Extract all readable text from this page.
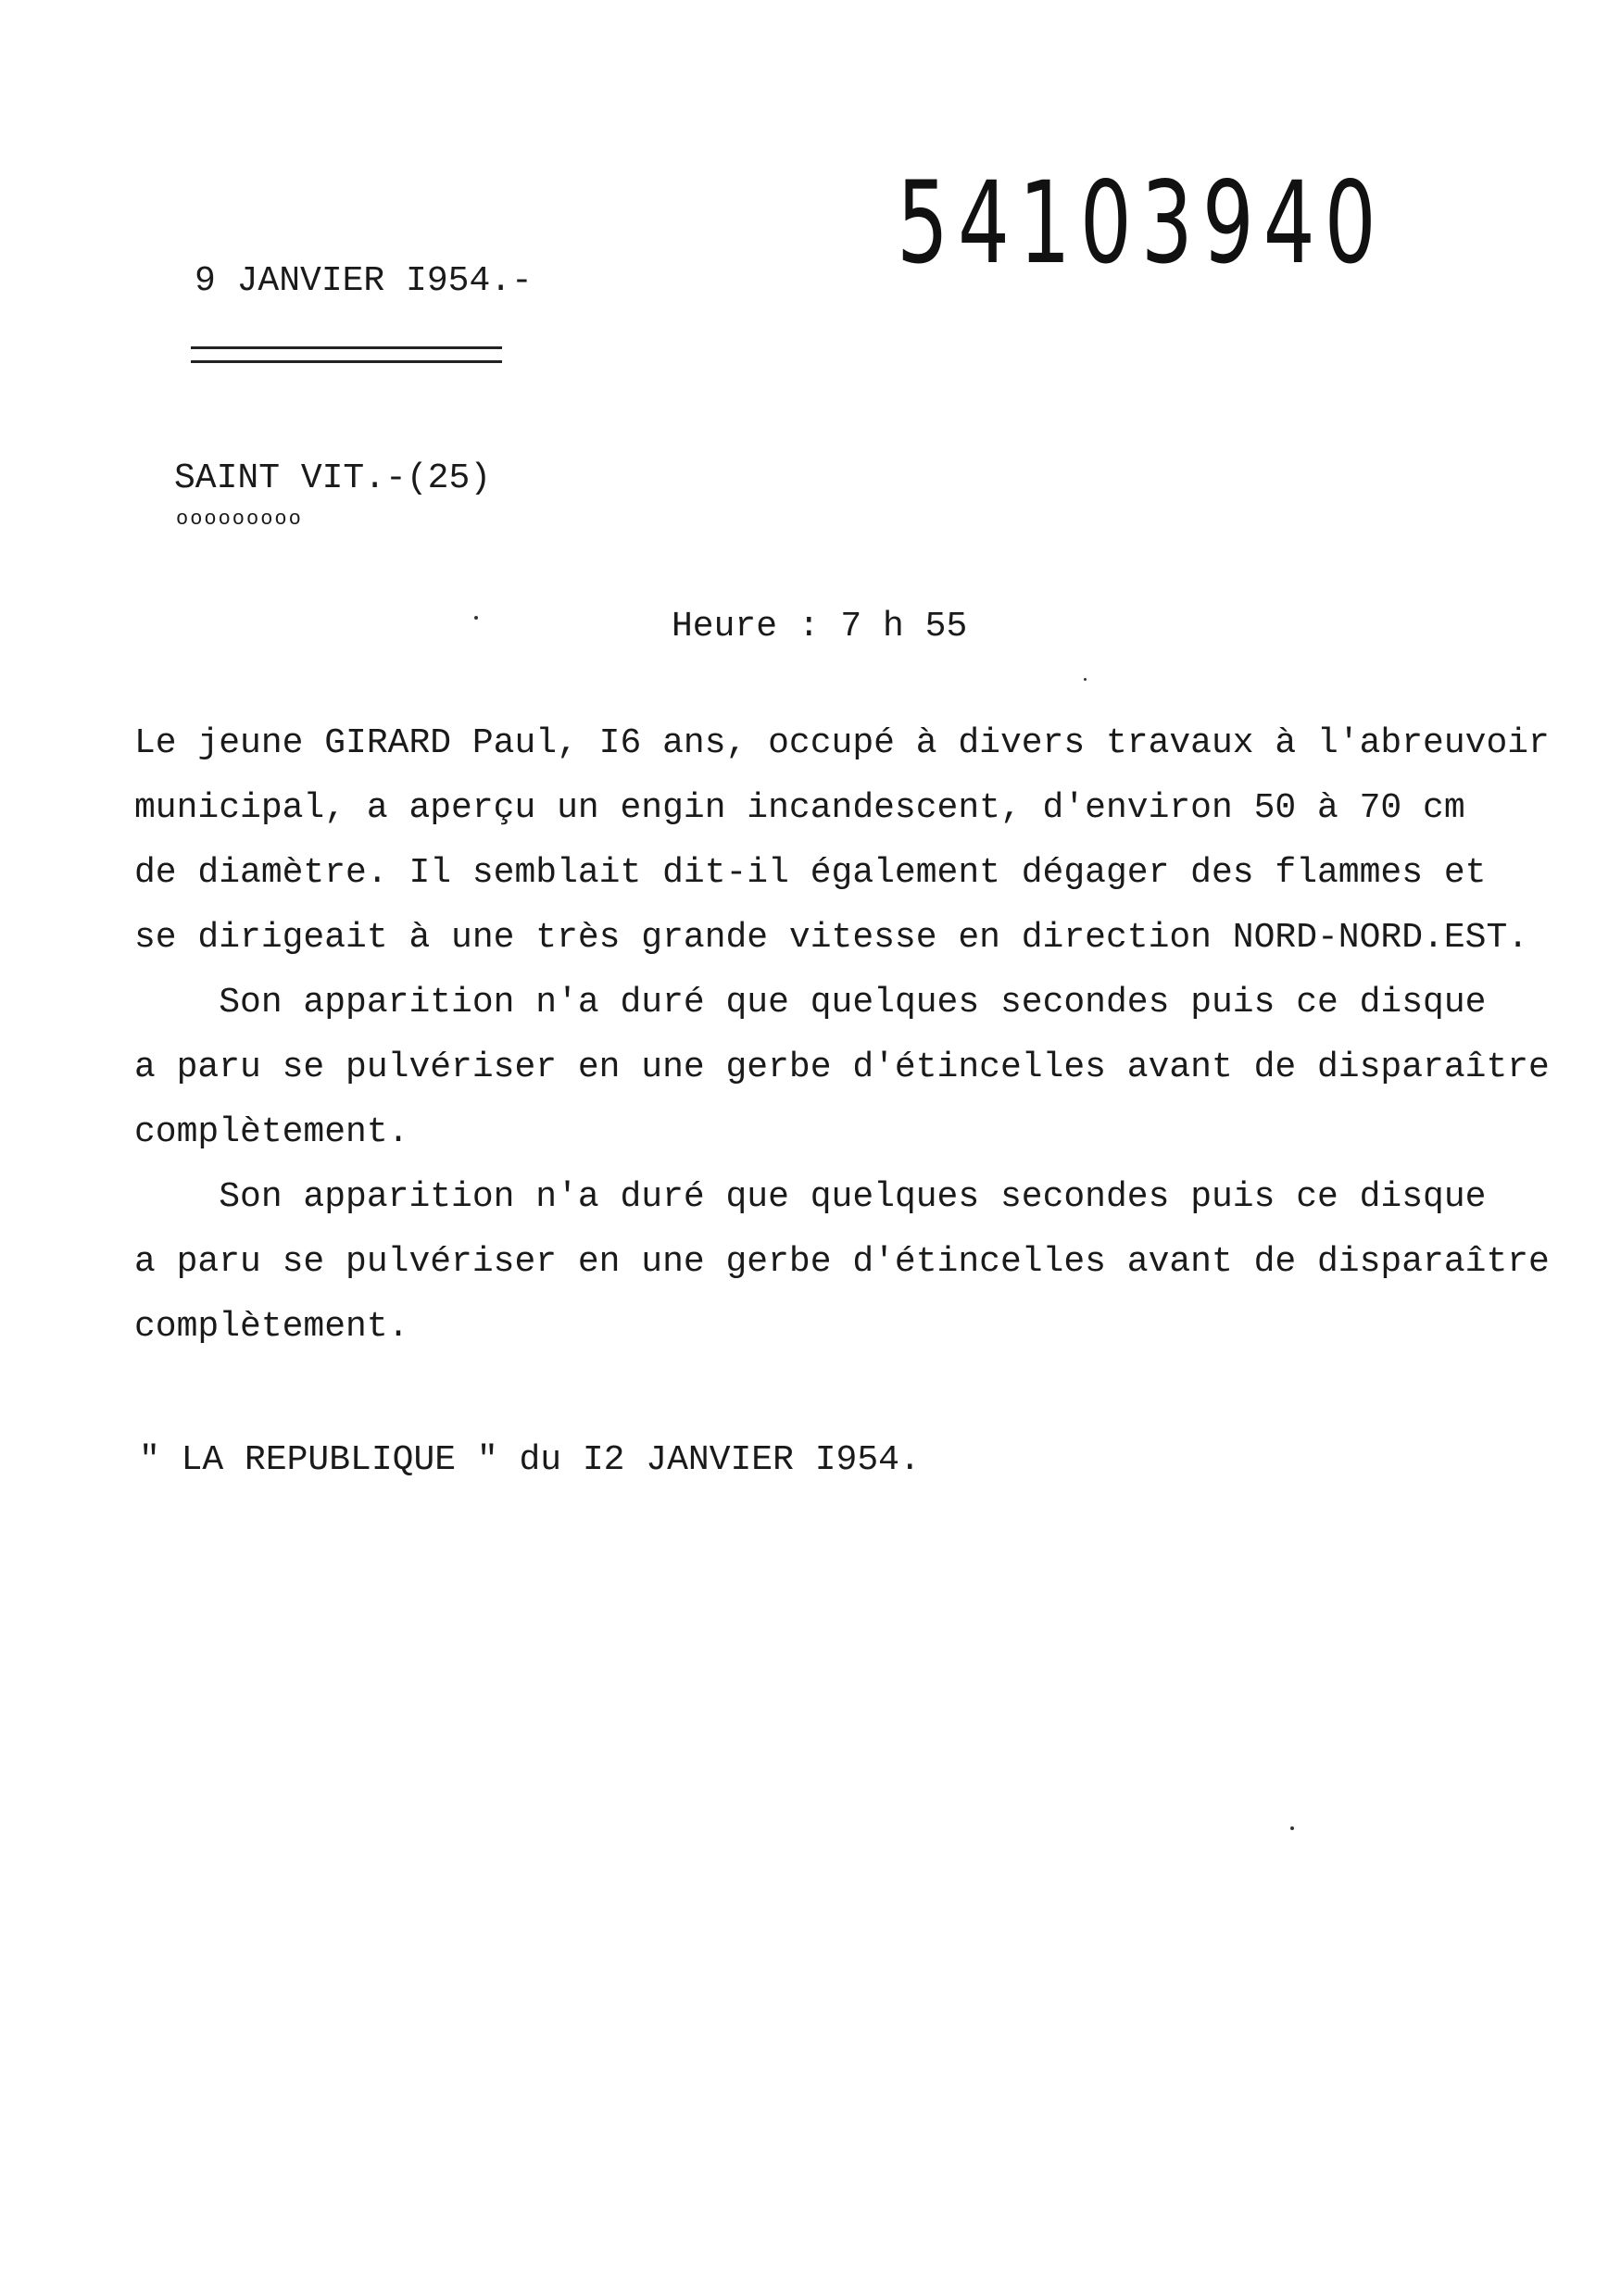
54103940
9 JANVIER I954.-
SAINT VIT.-(25)
ooooooooo
Heure : 7 h 55

Le jeune GIRARD Paul, I6 ans, occupé à divers travaux à l'abreuvoir
municipal, a aperçu un engin incandescent, d'environ 50 à 70 cm
de diamètre. Il semblait dit-il également dégager des flammes et
se dirigeait à une très grande vitesse en direction NORD-NORD.EST.

Son apparition n'a duré que quelques secondes puis ce disque
a paru se pulvériser en une gerbe d'étincelles avant de disparaître
complètement.

Son apparition n'a duré que quelques secondes puis ce disque
a paru se pulvériser en une gerbe d'étincelles avant de disparaître
complètement.

" LA REPUBLIQUE " du I2 JANVIER I954.
